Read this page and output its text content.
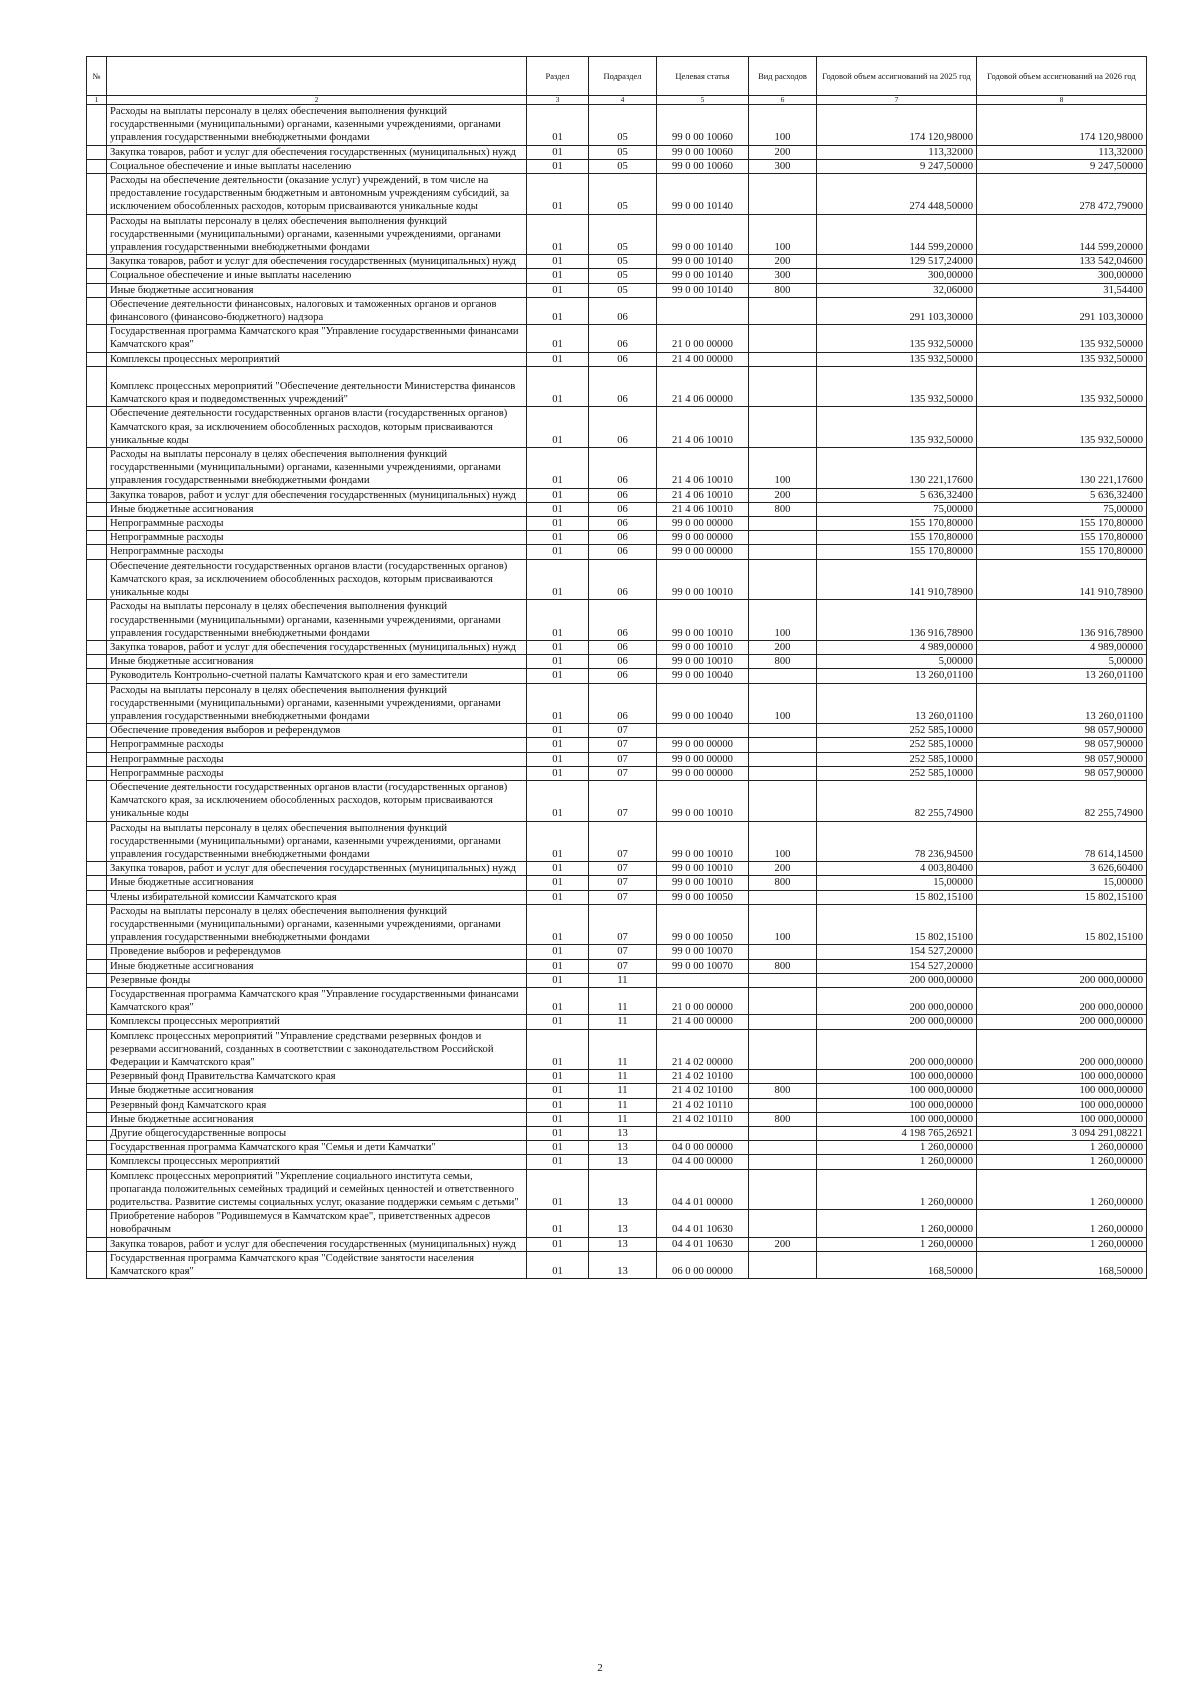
№		Раздел	Подраздел	Целевая статья	Вид расходов	Годовой объем ассигнований на 2025 год	Годовой объем ассигнований на 2026 год
1	2	3	4	5	6	7	8
	Расходы на выплаты персоналу в целях обеспечения выполнения функций государственными (муниципальными) органами, казенными учреждениями, органами управления государственными внебюджетными фондами	01	05	99 0 00 10060	100	174 120,98000	174 120,98000
	Закупка товаров, работ и услуг для обеспечения государственных (муниципальных) нужд	01	05	99 0 00 10060	200	113,32000	113,32000
	Социальное обеспечение и иные выплаты населению	01	05	99 0 00 10060	300	9 247,50000	9 247,50000
	Расходы на обеспечение деятельности (оказание услуг) учреждений, в том числе на предоставление государственным бюджетным и автономным учреждениям субсидий, за исключением обособленных расходов, которым присваиваются уникальные коды	01	05	99 0 00 10140		274 448,50000	278 472,79000
	Расходы на выплаты персоналу в целях обеспечения выполнения функций государственными (муниципальными) органами, казенными учреждениями, органами управления государственными внебюджетными фондами	01	05	99 0 00 10140	100	144 599,20000	144 599,20000
	Закупка товаров, работ и услуг для обеспечения государственных (муниципальных) нужд	01	05	99 0 00 10140	200	129 517,24000	133 542,04600
	Социальное обеспечение и иные выплаты населению	01	05	99 0 00 10140	300	300,00000	300,00000
	Иные бюджетные ассигнования	01	05	99 0 00 10140	800	32,06000	31,54400
	Обеспечение деятельности финансовых, налоговых и таможенных органов и органов финансового (финансово-бюджетного) надзора	01	06			291 103,30000	291 103,30000
	Государственная программа Камчатского края "Управление государственными финансами Камчатского края"	01	06	21 0 00 00000		135 932,50000	135 932,50000
	Комплексы процессных мероприятий	01	06	21 4 00 00000		135 932,50000	135 932,50000
	Комплекс процессных мероприятий "Обеспечение деятельности Министерства финансов Камчатского края и подведомственных учреждений"	01	06	21 4 06 00000		135 932,50000	135 932,50000
	Обеспечение деятельности государственных органов власти (государственных органов) Камчатского края, за исключением обособленных расходов, которым присваиваются уникальные коды	01	06	21 4 06 10010		135 932,50000	135 932,50000
	Расходы на выплаты персоналу в целях обеспечения выполнения функций государственными (муниципальными) органами, казенными учреждениями, органами управления государственными внебюджетными фондами	01	06	21 4 06 10010	100	130 221,17600	130 221,17600
	Закупка товаров, работ и услуг для обеспечения государственных (муниципальных) нужд	01	06	21 4 06 10010	200	5 636,32400	5 636,32400
	Иные бюджетные ассигнования	01	06	21 4 06 10010	800	75,00000	75,00000
	Непрограммные расходы	01	06	99 0 00 00000		155 170,80000	155 170,80000
	Непрограммные расходы	01	06	99 0 00 00000		155 170,80000	155 170,80000
	Непрограммные расходы	01	06	99 0 00 00000		155 170,80000	155 170,80000
	Обеспечение деятельности государственных органов власти (государственных органов) Камчатского края, за исключением обособленных расходов, которым присваиваются уникальные коды	01	06	99 0 00 10010		141 910,78900	141 910,78900
	Расходы на выплаты персоналу в целях обеспечения выполнения функций государственными (муниципальными) органами, казенными учреждениями, органами управления государственными внебюджетными фондами	01	06	99 0 00 10010	100	136 916,78900	136 916,78900
	Закупка товаров, работ и услуг для обеспечения государственных (муниципальных) нужд	01	06	99 0 00 10010	200	4 989,00000	4 989,00000
	Иные бюджетные ассигнования	01	06	99 0 00 10010	800	5,00000	5,00000
	Руководитель Контрольно-счетной палаты Камчатского края и его заместители	01	06	99 0 00 10040		13 260,01100	13 260,01100
	Расходы на выплаты персоналу в целях обеспечения выполнения функций государственными (муниципальными) органами, казенными учреждениями, органами управления государственными внебюджетными фондами	01	06	99 0 00 10040	100	13 260,01100	13 260,01100
	Обеспечение проведения выборов и референдумов	01	07			252 585,10000	98 057,90000
	Непрограммные расходы	01	07	99 0 00 00000		252 585,10000	98 057,90000
	Непрограммные расходы	01	07	99 0 00 00000		252 585,10000	98 057,90000
	Непрограммные расходы	01	07	99 0 00 00000		252 585,10000	98 057,90000
	Обеспечение деятельности государственных органов власти (государственных органов) Камчатского края, за исключением обособленных расходов, которым присваиваются уникальные коды	01	07	99 0 00 10010		82 255,74900	82 255,74900
	Расходы на выплаты персоналу в целях обеспечения выполнения функций государственными (муниципальными) органами, казенными учреждениями, органами управления государственными внебюджетными фондами	01	07	99 0 00 10010	100	78 236,94500	78 614,14500
	Закупка товаров, работ и услуг для обеспечения государственных (муниципальных) нужд	01	07	99 0 00 10010	200	4 003,80400	3 626,60400
	Иные бюджетные ассигнования	01	07	99 0 00 10010	800	15,00000	15,00000
	Члены избирательной комиссии Камчатского края	01	07	99 0 00 10050		15 802,15100	15 802,15100
	Расходы на выплаты персоналу в целях обеспечения выполнения функций государственными (муниципальными) органами, казенными учреждениями, органами управления государственными внебюджетными фондами	01	07	99 0 00 10050	100	15 802,15100	15 802,15100
	Проведение выборов и референдумов	01	07	99 0 00 10070		154 527,20000	
	Иные бюджетные ассигнования	01	07	99 0 00 10070	800	154 527,20000	
	Резервные фонды	01	11			200 000,00000	200 000,00000
	Государственная программа Камчатского края "Управление государственными финансами Камчатского края"	01	11	21 0 00 00000		200 000,00000	200 000,00000
	Комплексы процессных мероприятий	01	11	21 4 00 00000		200 000,00000	200 000,00000
	Комплекс процессных мероприятий "Управление средствами резервных фондов и резервами ассигнований, созданных в соответствии с законодательством Российской Федерации и Камчатского края"	01	11	21 4 02 00000		200 000,00000	200 000,00000
	Резервный фонд Правительства Камчатского края	01	11	21 4 02 10100		100 000,00000	100 000,00000
	Иные бюджетные ассигнования	01	11	21 4 02 10100	800	100 000,00000	100 000,00000
	Резервный фонд Камчатского края	01	11	21 4 02 10110		100 000,00000	100 000,00000
	Иные бюджетные ассигнования	01	11	21 4 02 10110	800	100 000,00000	100 000,00000
	Другие общегосударственные вопросы	01	13			4 198 765,26921	3 094 291,08221
	Государственная программа Камчатского края "Семья и дети Камчатки"	01	13	04 0 00 00000		1 260,00000	1 260,00000
	Комплексы процессных мероприятий	01	13	04 4 00 00000		1 260,00000	1 260,00000
	Комплекс процессных мероприятий "Укрепление социального института семьи, пропаганда положительных семейных традиций и семейных ценностей и ответственного родительства. Развитие системы социальных услуг, оказание поддержки семьям с детьми"	01	13	04 4 01 00000		1 260,00000	1 260,00000
	Приобретение наборов "Родившемуся в Камчатском крае", приветственных адресов новобрачным	01	13	04 4 01 10630		1 260,00000	1 260,00000
	Закупка товаров, работ и услуг для обеспечения государственных (муниципальных) нужд	01	13	04 4 01 10630	200	1 260,00000	1 260,00000
	Государственная программа Камчатского края "Содействие занятости населения Камчатского края"	01	13	06 0 00 00000		168,50000	168,50000
2
